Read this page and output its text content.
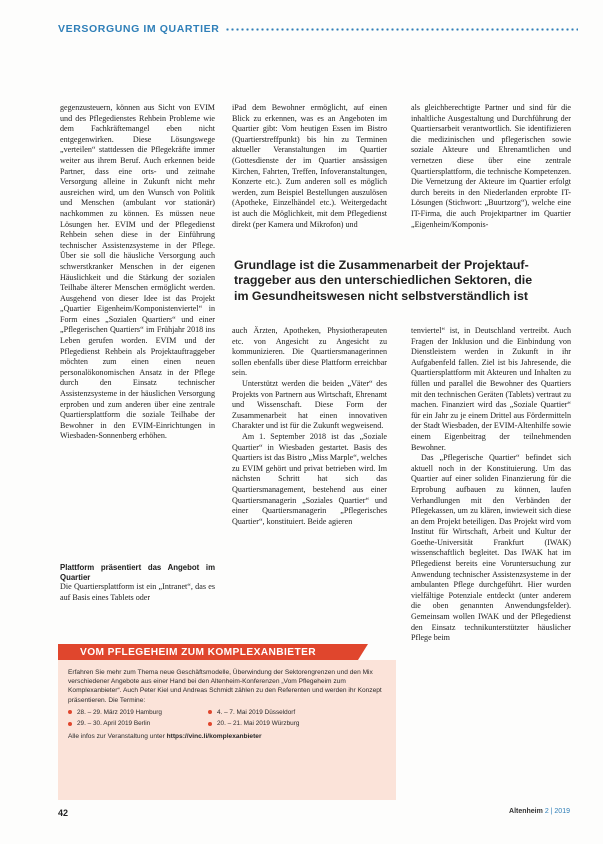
VERSORGUNG IM QUARTIER

gegenzusteuern, können aus Sicht von EVIM und des Pflegedienstes Rehbein Probleme wie dem Fachkräftemangel eben nicht entgegenwirken. Diese Lösungswege „verteilen“ stattdessen die Pflegekräfte immer weiter aus ihrem Beruf. Auch erkennen beide Partner, dass eine orts- und zeitnahe Versorgung alleine in Zukunft nicht mehr ausreichen wird, um den Wunsch von Politik und Menschen (ambulant vor stationär) nachkommen zu können. Es müssen neue Lösungen her. EVIM und der Pflegedienst Rehbein sehen diese in der Einführung technischer Assistenzsysteme in der Pflege. Über sie soll die häusliche Versorgung auch schwerstkranker Menschen in der eigenen Häuslichkeit und die Stärkung der sozialen Teilhabe älterer Menschen ermöglicht werden. Ausgehend von dieser Idee ist das Projekt „Quartier Eigenheim/Komponistenviertel“ in Form eines „Sozialen Quartiers“ und einer „Pflegerischen Quartiers“ im Frühjahr 2018 ins Leben gerufen worden. EVIM und der Pflegedienst Rehbein als Projektauftraggeber möchten zum einen einen neuen personalökonomischen Ansatz in der Pflege durch den Einsatz technischer Assistenzsysteme in der häuslichen Versorgung erproben und zum anderen über eine zentrale Quartiersplattform die soziale Teilhabe der Bewohner in den EVIM-Einrichtungen in Wiesbaden-Sonnenberg erhöhen.

Plattform präsentiert das Angebot im Quartier

Die Quartiersplattform ist ein „Intranet“, das es auf Basis eines Tablets oder

iPad dem Bewohner ermöglicht, auf einen Blick zu erkennen, was es an Angeboten im Quartier gibt: Vom heutigen Essen im Bistro (Quartierstreffpunkt) bis hin zu Terminen aktueller Veranstaltungen im Quartier (Gottesdienste der im Quartier ansässigen Kirchen, Fahrten, Treffen, Infoveranstaltungen, Konzerte etc.). Zum anderen soll es möglich werden, zum Beispiel Bestellungen auszulösen (Apotheke, Einzelhändel etc.). Weitergedacht ist auch die Möglichkeit, mit dem Pflegedienst direkt (per Kamera und Mikrofon) und

als gleichberechtigte Partner und sind für die inhaltliche Ausgestaltung und Durchführung der Quartiersarbeit verantwortlich. Sie identifizieren die medizinischen und pflegerischen sowie soziale Akteure und Ehrenamtlichen und vernetzen diese über eine zentrale Quartiersplattform, die technische Kompetenzen. Die Vernetzung der Akteure im Quartier erfolgt durch bereits in den Niederlanden erprobte IT-Lösungen (Stichwort: „Buurtzorg“), welche eine IT-Firma, die auch Projektpartner im Quartier „Eigenheim/Komponis-

Grundlage ist die Zusammenarbeit der Projektauf-
traggeber aus den unterschiedlichen Sektoren, die
im Gesundheitswesen nicht selbstverständlich ist

auch Ärzten, Apotheken, Physiotherapeuten etc. von Angesicht zu Angesicht zu kommunizieren. Die Quartiersmanagerinnen sollen ebenfalls über diese Plattform erreichbar sein.

Unterstützt werden die beiden „Väter“ des Projekts von Partnern aus Wirtschaft, Ehrenamt und Wissenschaft. Diese Form der Zusammenarbeit hat einen innovativen Charakter und ist für die Zukunft wegweisend.

Am 1. September 2018 ist das „Soziale Quartier“ in Wiesbaden gestartet. Basis des Quartiers ist das Bistro „Miss Marple“, welches zu EVIM gehört und privat betrieben wird. Im nächsten Schritt hat sich das Quartiersmanagement, bestehend aus einer Quartiersmanagerin „Soziales Quartier“ und einer Quartiersmanagerin „Pflegerisches Quartier“, konstituiert. Beide agieren

tenviertel“ ist, in Deutschland vertreibt. Auch Fragen der Inklusion und die Einbindung von Dienstleistern werden in Zukunft in ihr Aufgabenfeld fallen. Ziel ist bis Jahresende, die Quartiersplattform mit Akteuren und Inhalten zu füllen und parallel die Bewohner des Quartiers mit den technischen Geräten (Tablets) vertraut zu machen. Finanziert wird das „Soziale Quartier“ für ein Jahr zu je einem Drittel aus Fördermitteln der Stadt Wiesbaden, der EVIM-Altenhilfe sowie einem Eigenbeitrag der teilnehmenden Bewohner.

Das „Pflegerische Quartier“ befindet sich aktuell noch in der Konstituierung. Um das Quartier auf einer soliden Finanzierung für die Erprobung aufbauen zu können, laufen Verhandlungen mit den Verbänden der Pflegekassen, um zu klären, inwieweit sich diese an dem Projekt beteiligen. Das Projekt wird vom Institut für Wirtschaft, Arbeit und Kultur der Goethe-Universität Frankfurt (IWAK) wissenschaftlich begleitet. Das IWAK hat im Pflegedienst bereits eine Voruntersuchung zur Anwendung technischer Assistenzsysteme in der ambulanten Pflege durchgeführt. Hier wurden vielfältige Potenziale entdeckt (unter anderem die oben genannten Anwendungsfelder). Gemeinsam wollen IWAK und der Pflegedienst den Einsatz technikunterstützter häuslicher Pflege beim

VOM PFLEGEHEIM ZUM KOMPLEXANBIETER
Erfahren Sie mehr zum Thema neue Geschäftsmodelle, Überwindung der Sektorengrenzen und den Mix verschiedener Angebote aus einer Hand bei den Altenheim-Konferenzen „Vom Pflegeheim zum Komplexanbieter“. Auch Peter Kiel und Andreas Schmidt zählen zu den Referenten und werden ihr Konzept präsentieren. Die Termine:
28. – 29. März 2019 Hamburg	4. – 7. Mai 2019 Düsseldorf
29. – 30. April 2019 Berlin	20. – 21. Mai 2019 Würzburg
Alle infos zur Veranstaltung unter https://vinc.li/komplexanbieter
42	Altenheim 2 | 2019
